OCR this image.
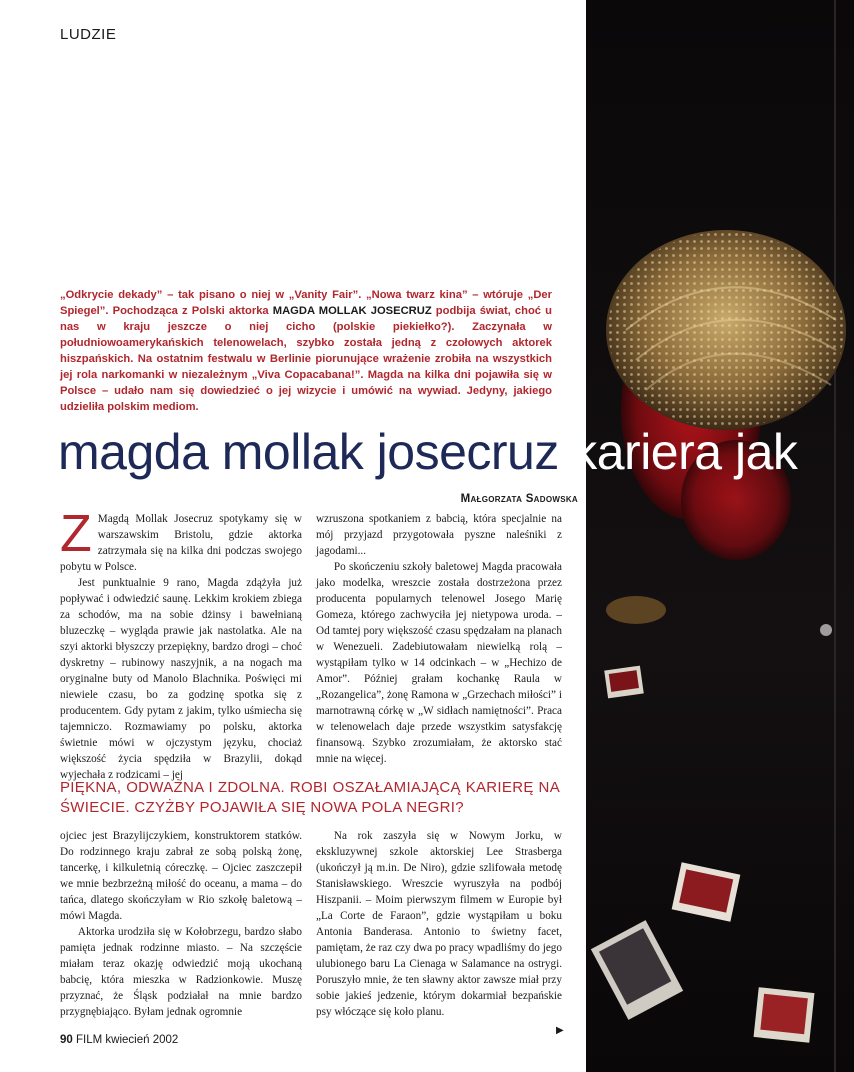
LUDZIE
„Odkrycie dekady” – tak pisano o niej w „Vanity Fair”. „Nowa twarz kina” – wtóruje „Der Spiegel”. Pochodząca z Polski aktorka MAGDA MOLLAK JOSECRUZ podbija świat, choć u nas w kraju jeszcze o niej cicho (polskie piekiełko?). Zaczynała w południowoamerykańskich telenowelach, szybko została jedną z czołowych aktorek hiszpańskich. Na ostatnim festwalu w Berlinie piorunujące wrażenie zrobiła na wszystkich jej rola narkomanki w niezależnym „Viva Copacabana!”. Magda na kilka dni pojawiła się w Polsce – udało nam się dowiedzieć o jej wizycie i umówić na wywiad. Jedyny, jakiego udzieliła polskim mediom.
magda mollak josecruz kariera jak
Małgorzata Sadowska
Z Magdą Mollak Josecruz spotykamy się w warszawskim Bristolu, gdzie aktorka zatrzymała się na kilka dni podczas swojego pobytu w Polsce.

Jest punktualnie 9 rano, Magda zdążyła już popływać i odwiedzić saunę. Lekkim krokiem zbiega za schodów, ma na sobie dżinsy i bawełnianą bluzeczkę – wygląda prawie jak nastolatka. Ale na szyi aktorki błyszczy przepiękny, bardzo drogi – choć dyskretny – rubinowy naszyjnik, a na nogach ma oryginalne buty od Manolo Blachnika. Poświęci mi niewiele czasu, bo za godzinę spotka się z producentem. Gdy pytam z jakim, tylko uśmiecha się tajemniczo. Rozmawiamy po polsku, aktorka świetnie mówi w ojczystym języku, chociaż większość życia spędziła w Brazylii, dokąd wyjechała z rodzicami – jej

wzruszona spotkaniem z babcią, która specjalnie na mój przyjazd przygotowała pyszne naleśniki z jagodami...

Po skończeniu szkoły baletowej Magda pracowała jako modelka, wreszcie została dostrzeżona przez producenta popularnych telenowel Josego Marię Gomeza, którego zachwyciła jej nietypowa uroda. – Od tamtej pory większość czasu spędzałam na planach w Wenezueli. Zadebiutowałam niewielką rolą – wystąpiłam tylko w 14 odcinkach – w „Hechizo de Amor”. Później grałam kochankę Raula w „Rozangelica”, żonę Ramona w „Grzechach miłości” i marnotrawną córkę w „W sidłach namiętności”. Praca w telenowelach daje przede wszystkim satysfakcję finansową. Szybko zrozumiałam, że aktorsko stać mnie na więcej.

PIĘKNA, ODWAŻNA I ZDOLNA. ROBI OSZAŁAMIAJĄCĄ KARIERĘ NA ŚWIECIE. CZYŻBY POJAWIŁA SIĘ NOWA POLA NEGRI?

ojciec jest Brazylijczykiem, konstruktorem statków. Do rodzinnego kraju zabrał ze sobą polską żonę, tancerkę, i kilkuletnią córeczkę. – Ojciec zaszczepił we mnie bezbrzeżną miłość do oceanu, a mama – do tańca, dlatego skończyłam w Rio szkołę baletową – mówi Magda.

Aktorka urodziła się w Kołobrzegu, bardzo słabo pamięta jednak rodzinne miasto. – Na szczęście miałam teraz okazję odwiedzić moją ukochaną babcię, która mieszka w Radzionkowie. Muszę przyznać, że Śląsk podziałał na mnie bardzo przygnębiająco. Byłam jednak ogromnie

Na rok zaszyła się w Nowym Jorku, w ekskluzywnej szkole aktorskiej Lee Strasberga (ukończył ją m.in. De Niro), gdzie szlifowała metodę Stanisławskiego. Wreszcie wyruszyła na podbój Hiszpanii. – Moim pierwszym filmem w Europie był „La Corte de Faraon”, gdzie wystąpiłam u boku Antonia Banderasa. Antonio to świetny facet, pamiętam, że raz czy dwa po pracy wpadliśmy do jego ulubionego baru La Cienaga w Salamance na ostrygi. Poruszyło mnie, że ten sławny aktor zawsze miał przy sobie jakieś jedzenie, którym dokarmiał bezpańskie psy włóczące się koło planu.

▶
90 FILM kwiecień 2002
